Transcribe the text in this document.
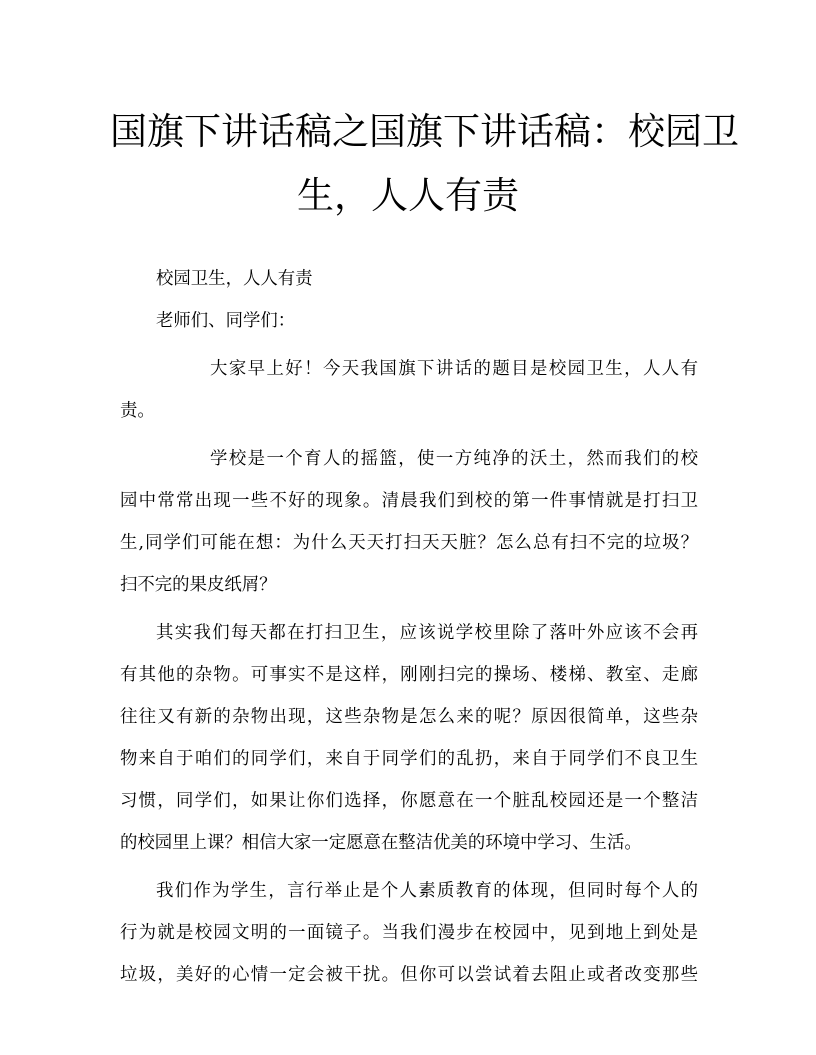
国旗下讲话稿之国旗下讲话稿：校园卫
生，人人有责
校园卫生，人人有责
老师们、同学们：
大家早上好！今天我国旗下讲话的题目是校园卫生，人人有
责。
学校是一个育人的摇篮，使一方纯净的沃土，然而我们的校
园中常常出现一些不好的现象。清晨我们到校的第一件事情就是打扫卫
生,同学们可能在想：为什么天天打扫天天脏？怎么总有扫不完的垃圾？
扫不完的果皮纸屑？
其实我们每天都在打扫卫生，应该说学校里除了落叶外应该不会再
有其他的杂物。可事实不是这样，刚刚扫完的操场、楼梯、教室、走廊
往往又有新的杂物出现，这些杂物是怎么来的呢？原因很简单，这些杂
物来自于咱们的同学们，来自于同学们的乱扔，来自于同学们不良卫生
习惯，同学们，如果让你们选择，你愿意在一个脏乱校园还是一个整洁
的校园里上课？相信大家一定愿意在整洁优美的环境中学习、生活。
我们作为学生，言行举止是个人素质教育的体现，但同时每个人的
行为就是校园文明的一面镜子。当我们漫步在校园中，见到地上到处是
垃圾，美好的心情一定会被干扰。但你可以尝试着去阻止或者改变那些
